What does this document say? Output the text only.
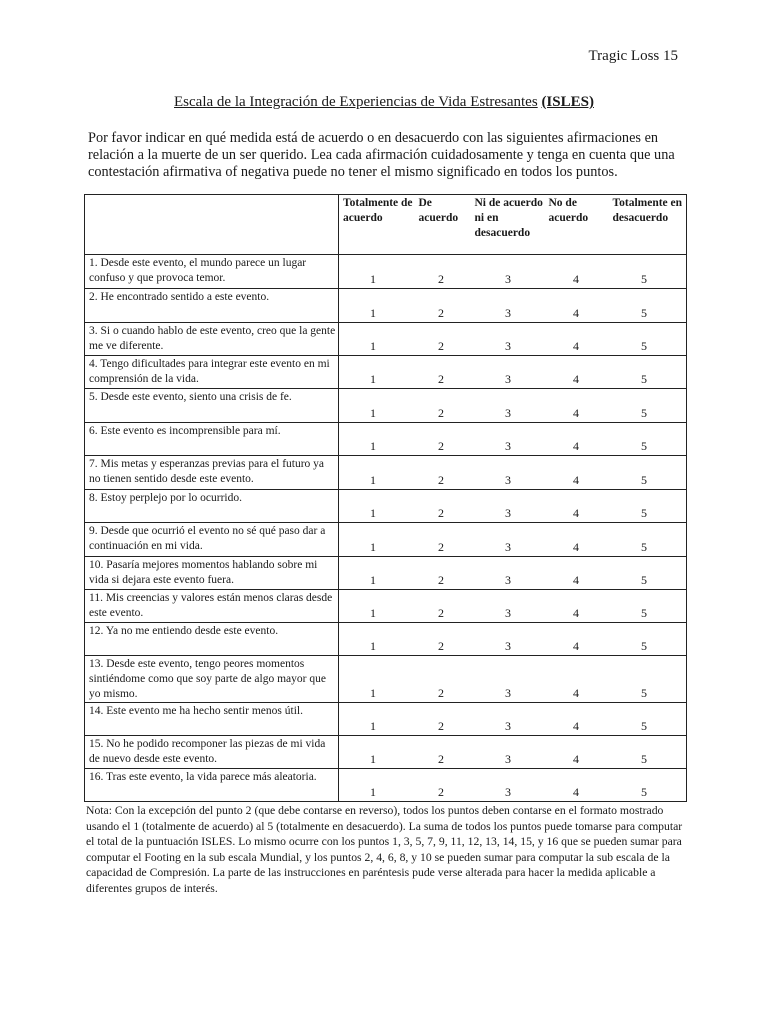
Tragic Loss 15
Escala de la Integración de Experiencias de Vida Estresantes (ISLES)
Por favor indicar en qué medida está de acuerdo o en desacuerdo con las siguientes afirmaciones en relación a la muerte de un ser querido. Lea cada afirmación cuidadosamente y tenga en cuenta que una contestación afirmativa of negativa puede no tener el mismo significado en todos los puntos.
	Totalmente de acuerdo	De acuerdo	Ni de acuerdo ni en desacuerdo	No de acuerdo	Totalmente en desacuerdo
1. Desde este evento, el mundo parece un lugar confuso y que provoca temor.	1 2 3 4 5				

2. He encontrado sentido a este evento.	1 2 3 4 5				

3. Si o cuando hablo de este evento, creo que la gente me ve diferente.	1 2 3 4 5				

4. Tengo dificultades para integrar este evento en mi comprensión de la vida.	1 2 3 4 5				

5. Desde este evento, siento una crisis de fe.	1 2 3 4 5				

6. Este evento es incomprensible para mí.	1 2 3 4 5				

7. Mis metas y esperanzas previas para el futuro ya no tienen sentido desde este evento.	1 2 3 4 5				

8. Estoy perplejo por lo ocurrido.	1 2 3 4 5				

9. Desde que ocurrió el evento no sé qué paso dar a continuación en mi vida.	1 2 3 4 5				

10. Pasaría mejores momentos hablando sobre mi vida si dejara este evento fuera.	1 2 3 4 5				

11. Mis creencias y valores están menos claras desde este evento.	1 2 3 4 5				

12. Ya no me entiendo desde este evento.	1 2 3 4 5				

13. Desde este evento, tengo peores momentos sintiéndome como que soy parte de algo mayor que yo mismo.	1 2 3 4 5				

14. Este evento me ha hecho sentir menos útil.	1 2 3 4 5				

15. No he podido recomponer las piezas de mi vida de nuevo desde este evento.	1 2 3 4 5				

16. Tras este evento, la vida parece más aleatoria.	1 2 3 4 5				
Nota: Con la excepción del punto 2 (que debe contarse en reverso), todos los puntos deben contarse en el formato mostrado usando el 1 (totalmente de acuerdo) al 5 (totalmente en desacuerdo). La suma de todos los puntos puede tomarse para computar el total de la puntuación ISLES. Lo mismo ocurre con los puntos 1, 3, 5, 7, 9, 11, 12, 13, 14, 15, y 16 que se pueden sumar para computar el Footing en la sub escala Mundial, y los puntos 2, 4, 6, 8, y 10 se pueden sumar para computar la sub escala de la capacidad de Compresión. La parte de las instrucciones en paréntesis pude verse alterada para hacer la medida aplicable a diferentes grupos de interés.
